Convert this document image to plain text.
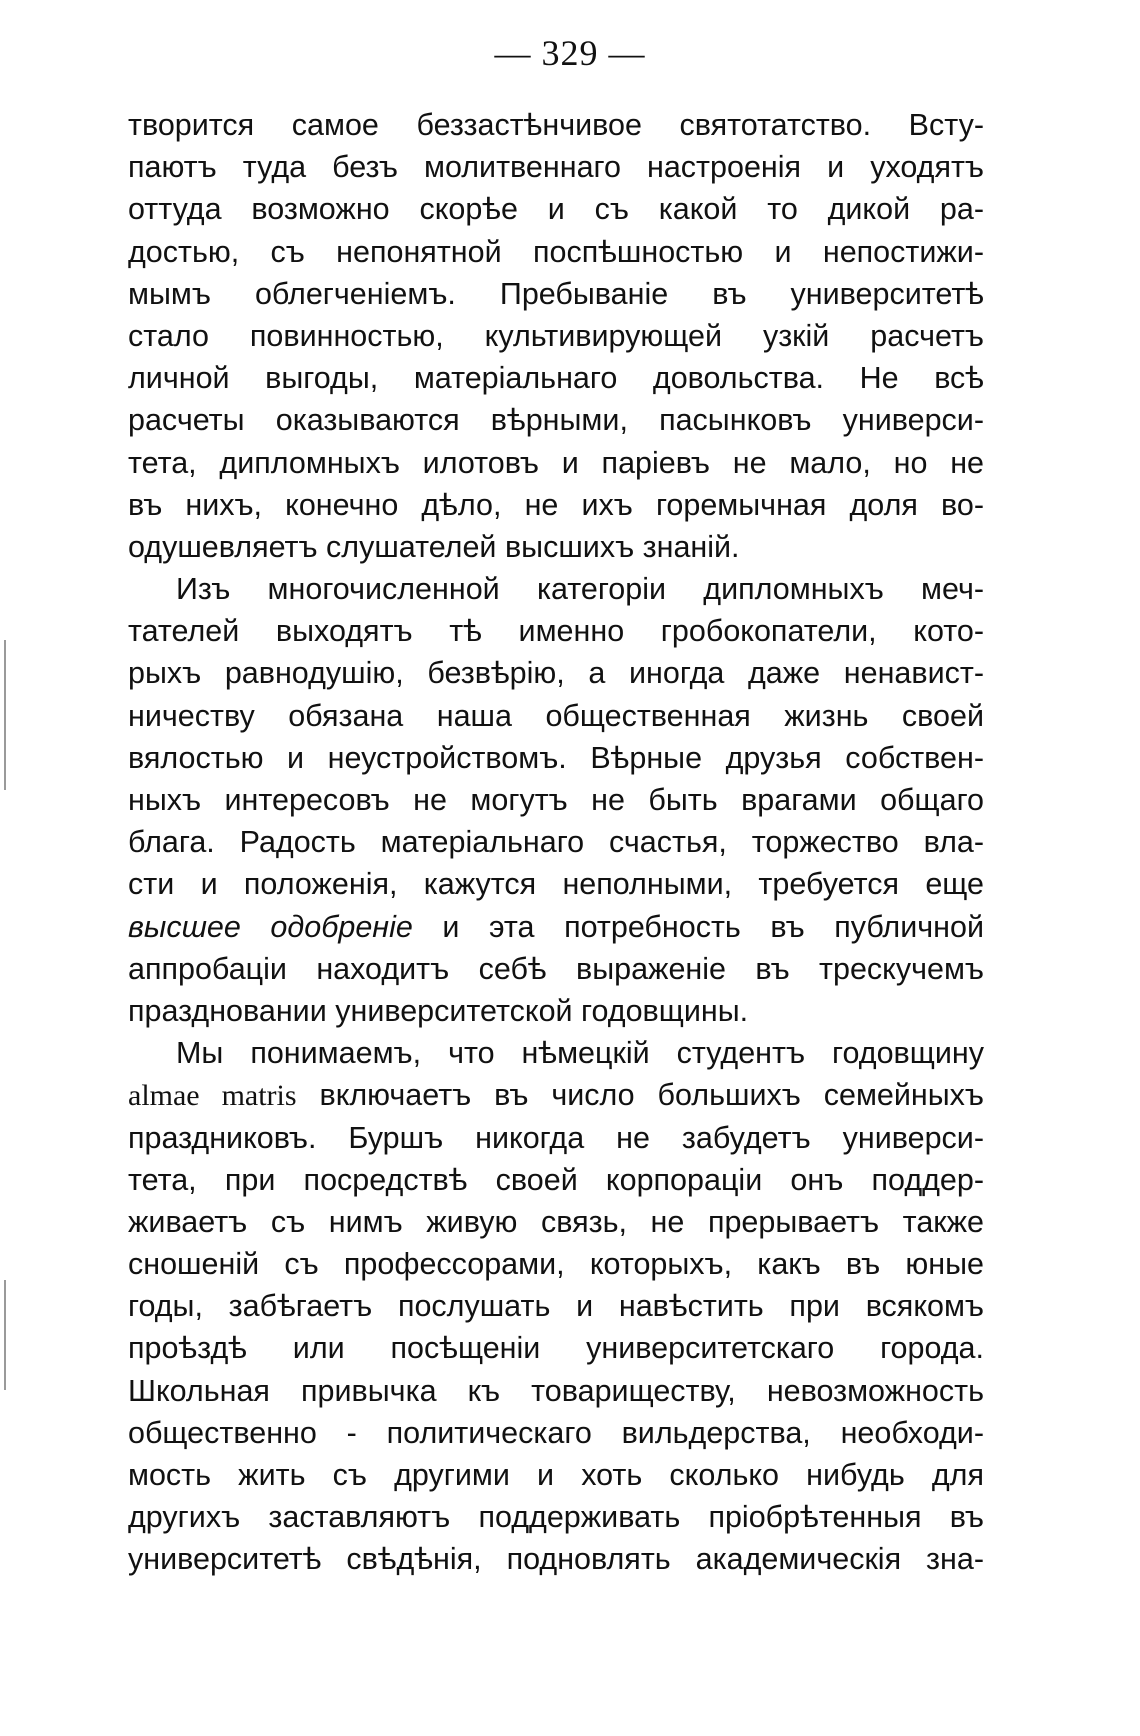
— 329 —
творится самое беззастѣнчивое святотатство. Всту-
паютъ туда безъ молитвеннаго настроенія и уходятъ
оттуда возможно скорѣе и съ какой то дикой ра-
достью, съ непонятной поспѣшностью и непостижи-
мымъ облегченіемъ. Пребываніе въ университетѣ
стало повинностью, культивирующей узкій расчетъ
личной выгоды, матеріальнаго довольства. Не всѣ
расчеты оказываются вѣрными, пасынковъ универси-
тета, дипломныхъ илотовъ и паріевъ не мало, но не
въ нихъ, конечно дѣло, не ихъ горемычная доля во-
одушевляетъ слушателей высшихъ знаній.
Изъ многочисленной категоріи дипломныхъ меч-
тателей выходятъ тѣ именно гробокопатели, кото-
рыхъ равнодушію, безвѣрію, а иногда даже ненавист-
ничеству обязана наша общественная жизнь своей
вялостью и неустройствомъ. Вѣрные друзья собствен-
ныхъ интересовъ не могутъ не быть врагами общаго
блага. Радость матеріальнаго счастья, торжество вла-
сти и положенія, кажутся неполными, требуется еще
высшее одобреніе и эта потребность въ публичной
аппробаціи находитъ себѣ выраженіе въ трескучемъ
праздновании университетской годовщины.
Мы понимаемъ, что нѣмецкій студентъ годовщину
almae matris включаетъ въ число большихъ семейныхъ
праздниковъ. Буршъ никогда не забудетъ универси-
тета, при посредствѣ своей корпораціи онъ поддер-
живаетъ съ нимъ живую связь, не прерываетъ также
сношеній съ профессорами, которыхъ, какъ въ юные
годы, забѣгаетъ послушать и навѣстить при всякомъ
проѣздѣ или посѣщеніи университетскаго города.
Школьная привычка къ товариществу, невозможность
общественно - политическаго вильдерства, необходи-
мость жить съ другими и хоть сколько нибудь для
другихъ заставляютъ поддерживать пріобрѣтенныя въ
университетѣ свѣдѣнія, подновлять академическія зна-
